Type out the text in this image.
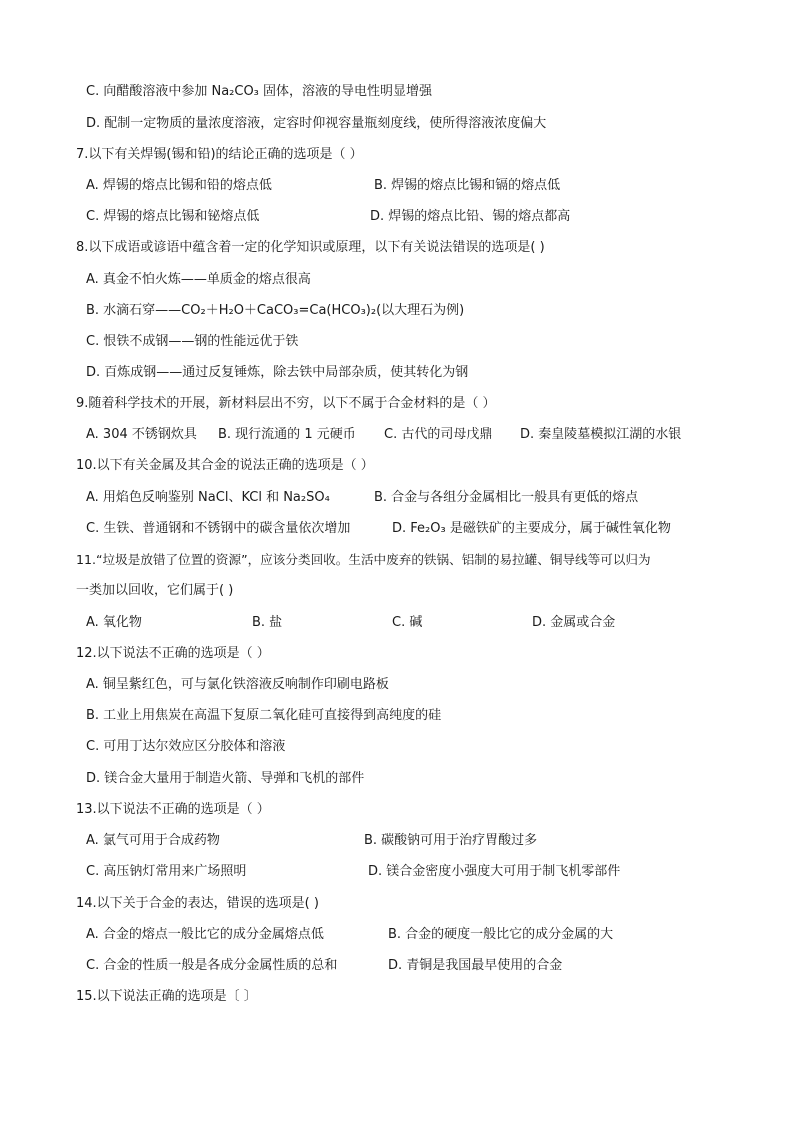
C. 向醋酸溶液中参加 Na₂CO₃ 固体，溶液的导电性明显增强
D. 配制一定物质的量浓度溶液，定容时仰视容量瓶刻度线，使所得溶液浓度偏大
7.以下有关焊锡(锡和铅)的结论正确的选项是（ ）
A. 焊锡的熔点比锡和铅的熔点低	B. 焊锡的熔点比锡和镉的熔点低
C. 焊锡的熔点比锡和铋熔点低	D. 焊锡的熔点比铅、锡的熔点都高
8.以下成语或谚语中蕴含着一定的化学知识或原理，以下有关说法错误的选项是( )
A. 真金不怕火炼——单质金的熔点很高
B. 水滴石穿——CO₂＋H₂O＋CaCO₃=Ca(HCO₃)₂(以大理石为例)
C. 恨铁不成钢——钢的性能远优于铁
D. 百炼成钢——通过反复锤炼，除去铁中局部杂质，使其转化为钢
9.随着科学技术的开展，新材料层出不穷，以下不属于合金材料的是（ ）
A. 304 不锈钢炊具 B. 现行流通的 1 元硬币 C. 古代的司母戊鼎 D. 秦皇陵墓模拟江湖的水银
10.以下有关金属及其合金的说法正确的选项是（ ）
A. 用焰色反响鉴别 NaCl、KCl 和 Na₂SO₄	B. 合金与各组分金属相比一般具有更低的熔点
C. 生铁、普通钢和不锈钢中的碳含量依次增加	D. Fe₂O₃ 是磁铁矿的主要成分，属于碱性氧化物
11.“垃圾是放错了位置的资源”，应该分类回收。生活中废弃的铁锅、铝制的易拉罐、铜导线等可以归为
一类加以回收，它们属于( )
A. 氧化物	B. 盐	C. 碱	D. 金属或合金
12.以下说法不正确的选项是（ ）
A. 铜呈紫红色，可与氯化铁溶液反响制作印刷电路板
B. 工业上用焦炭在高温下复原二氧化硅可直接得到高纯度的硅
C. 可用丁达尔效应区分胶体和溶液
D. 镁合金大量用于制造火箭、导弹和飞机的部件
13.以下说法不正确的选项是（ ）
A. 氯气可用于合成药物	B. 碳酸钠可用于治疗胃酸过多
C. 高压钠灯常用来广场照明	D. 镁合金密度小强度大可用于制飞机零部件
14.以下关于合金的表达，错误的选项是( )
A. 合金的熔点一般比它的成分金属熔点低	B. 合金的硬度一般比它的成分金属的大
C. 合金的性质一般是各成分金属性质的总和	D. 青铜是我国最早使用的合金
15.以下说法正确的选项是〔 〕
